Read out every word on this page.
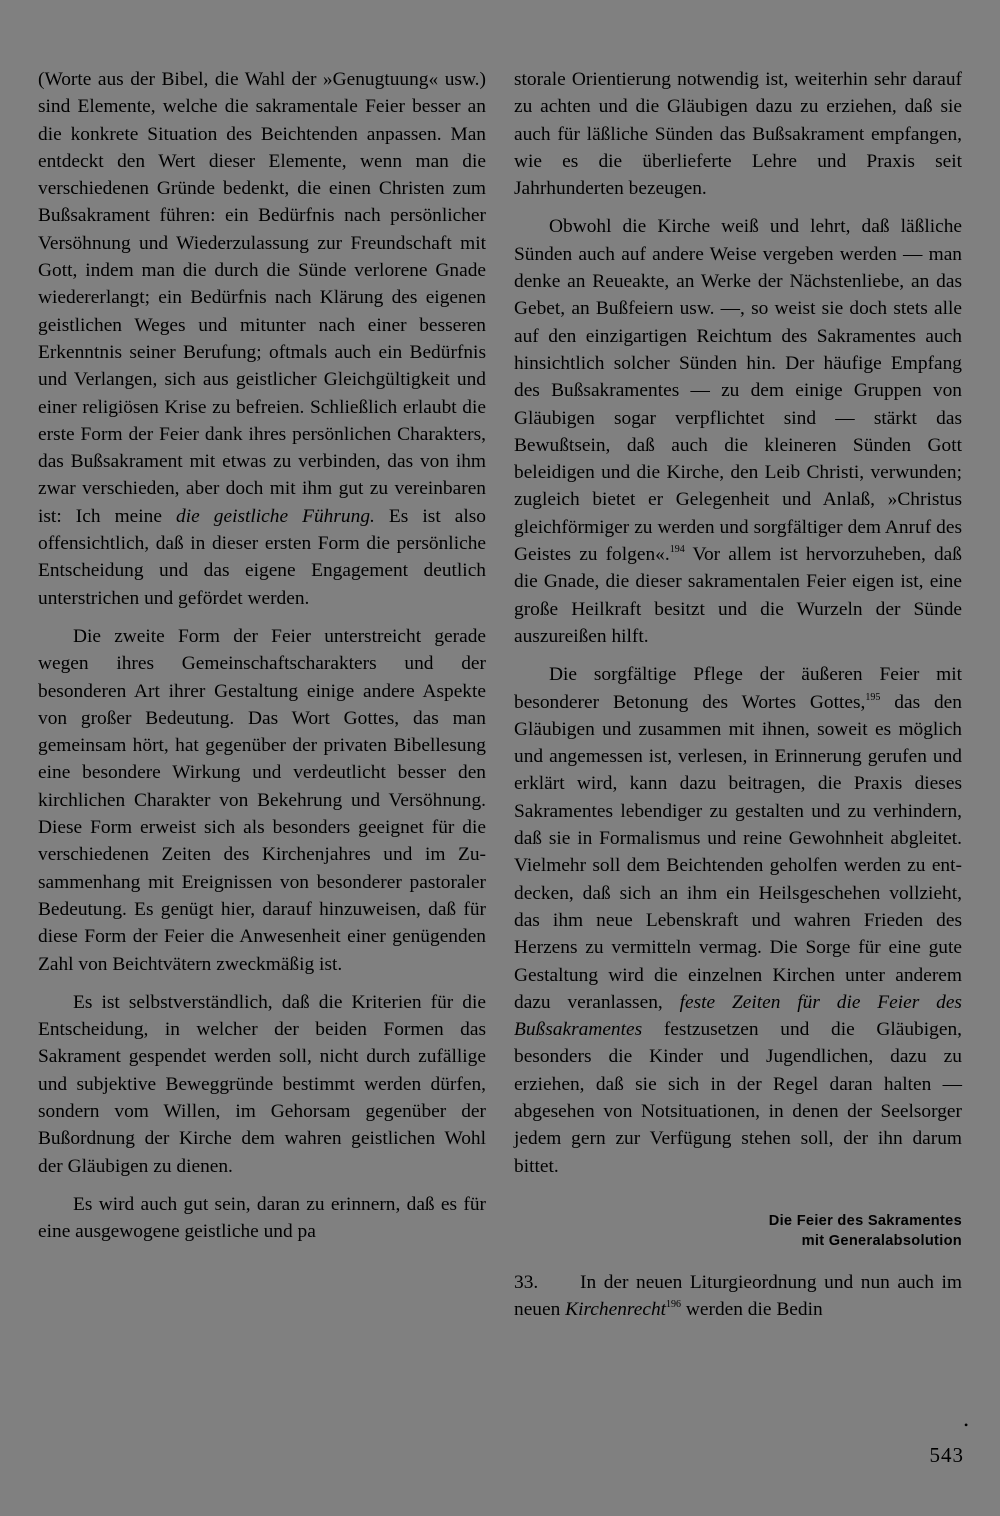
(Worte aus der Bibel, die Wahl der »Genugtuung« usw.) sind Elemente, welche die sakramentale Feier besser an die konkrete Situation des Beichtenden anpassen. Man entdeckt den Wert dieser Elemente, wenn man die verschiedenen Gründe bedenkt, die einen Christen zum Bußsakrament führen: ein Bedürfnis nach persönlicher Versöhnung und Wiederzulassung zur Freundschaft mit Gott, indem man die durch die Sünde verlorene Gnade wiedererlangt; ein Bedürfnis nach Klärung des eigenen geistlichen Weges und mitunter nach einer besseren Erkenntnis seiner Berufung; oftmals auch ein Bedürfnis und Verlangen, sich aus geistlicher Gleichgültigkeit und einer religiösen Krise zu befreien. Schließlich erlaubt die erste Form der Feier dank ihres persönlichen Charakters, das Bußsakrament mit etwas zu verbinden, das von ihm zwar verschieden, aber doch mit ihm gut zu vereinbaren ist: Ich meine die geistliche Führung. Es ist also offensichtlich, daß in dieser ersten Form die persönliche Entscheidung und das eigene Engagement deutlich unterstrichen und gefördet werden.

Die zweite Form der Feier unterstreicht gerade wegen ihres Gemeinschaftscharakters und der besonderen Art ihrer Gestaltung einige andere Aspekte von großer Bedeutung. Das Wort Gottes, das man gemeinsam hört, hat gegenüber der privaten Bibellesung eine besondere Wirkung und verdeutlicht besser den kirchlichen Charakter von Bekehrung und Versöhnung. Diese Form erweist sich als besonders geeignet für die verschiedenen Zeiten des Kirchenjahres und im Zusammenhang mit Ereignissen von besonderer pastoraler Bedeutung. Es genügt hier, darauf hinzuweisen, daß für diese Form der Feier die Anwesenheit einer genügenden Zahl von Beichtvätern zweckmäßig ist.

Es ist selbstverständlich, daß die Kriterien für die Entscheidung, in welcher der beiden Formen das Sakrament gespendet werden soll, nicht durch zufällige und subjektive Beweggründe bestimmt werden dürfen, sondern vom Willen, im Gehorsam gegenüber der Bußordnung der Kirche dem wahren geistlichen Wohl der Gläubigen zu dienen.

Es wird auch gut sein, daran zu erinnern, daß es für eine ausgewogene geistliche und pa

storale Orientierung notwendig ist, weiterhin sehr darauf zu achten und die Gläubigen dazu zu erziehen, daß sie auch für läßliche Sünden das Bußsakrament empfangen, wie es die überlieferte Lehre und Praxis seit Jahrhunderten bezeugen.

Obwohl die Kirche weiß und lehrt, daß läßliche Sünden auch auf andere Weise vergeben werden — man denke an Reueakte, an Werke der Nächstenliebe, an das Gebet, an Bußfeiern usw. —, so weist sie doch stets alle auf den einzigartigen Reichtum des Sakramentes auch hinsichtlich solcher Sünden hin. Der häufige Empfang des Bußsakramentes — zu dem einige Gruppen von Gläubigen sogar verpflichtet sind — stärkt das Bewußtsein, daß auch die kleineren Sünden Gott beleidigen und die Kirche, den Leib Christi, verwunden; zugleich bietet er Gelegenheit und Anlaß, »Christus gleichförmiger zu werden und sorgfältiger dem Anruf des Geistes zu folgen«.$^{194}$ Vor allem ist hervorzuheben, daß die Gnade, die dieser sakramentalen Feier eigen ist, eine große Heilkraft besitzt und die Wurzeln der Sünde auszureißen hilft.

Die sorgfältige Pflege der äußeren Feier mit besonderer Betonung des Wortes Gottes,$^{195}$ das den Gläubigen und zusammen mit ihnen, soweit es möglich und angemessen ist, verlesen, in Erinnerung gerufen und erklärt wird, kann dazu beitragen, die Praxis dieses Sakramentes lebendiger zu gestalten und zu verhindern, daß sie in Formalismus und reine Gewohnheit abgleitet. Vielmehr soll dem Beichtenden geholfen werden zu entdecken, daß sich an ihm ein Heilsgeschehen vollzieht, das ihm neue Lebenskraft und wahren Frieden des Herzens zu vermitteln vermag. Die Sorge für eine gute Gestaltung wird die einzelnen Kirchen unter anderem dazu veranlassen, feste Zeiten für die Feier des Bußsakramentes festzusetzen und die Gläubigen, besonders die Kinder und Jugendlichen, dazu zu erziehen, daß sie sich in der Regel daran halten — abgesehen von Notsituationen, in denen der Seelsorger jedem gern zur Verfügung stehen soll, der ihn darum bittet.

Die Feier des Sakramentes
mit Generalabsolution

33. In der neuen Liturgieordnung und nun auch im neuen Kirchenrecht$^{196}$ werden die Bedin

•
543
